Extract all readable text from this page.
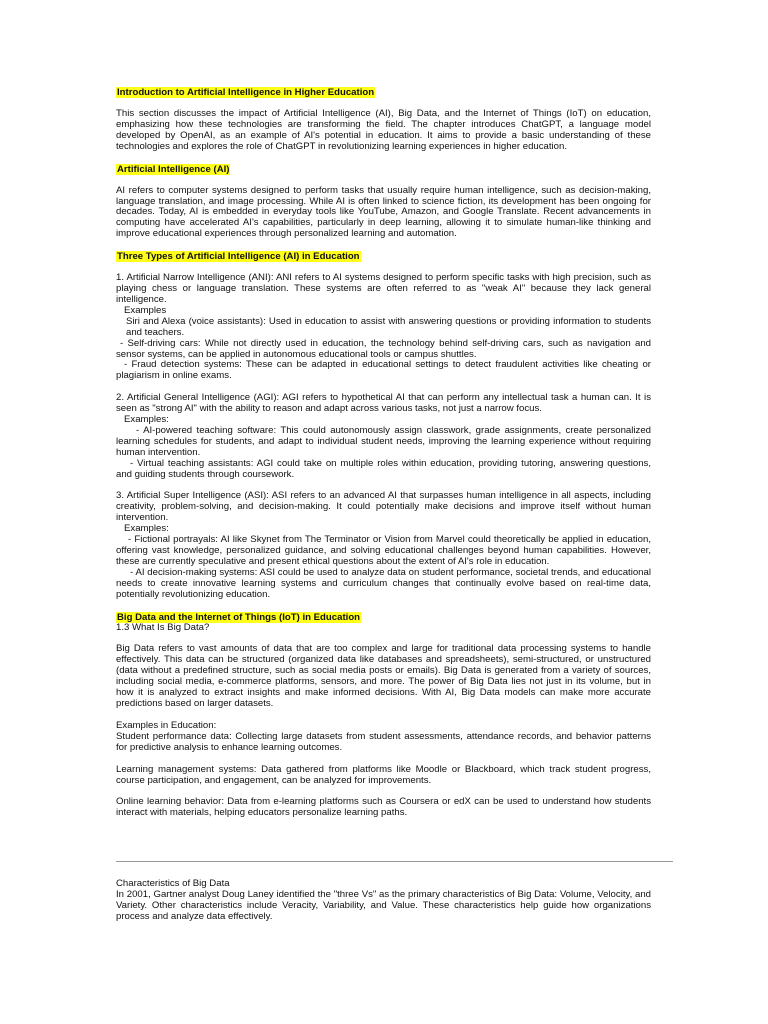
Introduction to Artificial Intelligence in Higher Education

This section discusses the impact of Artificial Intelligence (AI), Big Data, and the Internet of Things (IoT) on education, emphasizing how these technologies are transforming the field. The chapter introduces ChatGPT, a language model developed by OpenAI, as an example of AI's potential in education. It aims to provide a basic understanding of these technologies and explores the role of ChatGPT in revolutionizing learning experiences in higher education.

Artificial Intelligence (AI)

AI refers to computer systems designed to perform tasks that usually require human intelligence, such as decision-making, language translation, and image processing. While AI is often linked to science fiction, its development has been ongoing for decades. Today, AI is embedded in everyday tools like YouTube, Amazon, and Google Translate. Recent advancements in computing have accelerated AI's capabilities, particularly in deep learning, allowing it to simulate human-like thinking and improve educational experiences through personalized learning and automation.

Three Types of Artificial Intelligence (AI) in Education

1. Artificial Narrow Intelligence (ANI): ANI refers to AI systems designed to perform specific tasks with high precision, such as playing chess or language translation. These systems are often referred to as "weak AI" because they lack general intelligence.

Examples

Siri and Alexa (voice assistants): Used in education to assist with answering questions or providing information to students and teachers.

- Self-driving cars: While not directly used in education, the technology behind self-driving cars, such as navigation and sensor systems, can be applied in autonomous educational tools or campus shuttles.

- Fraud detection systems: These can be adapted in educational settings to detect fraudulent activities like cheating or plagiarism in online exams.

2. Artificial General Intelligence (AGI): AGI refers to hypothetical AI that can perform any intellectual task a human can. It is seen as "strong AI" with the ability to reason and adapt across various tasks, not just a narrow focus.

Examples:

- AI-powered teaching software: This could autonomously assign classwork, grade assignments, create personalized learning schedules for students, and adapt to individual student needs, improving the learning experience without requiring human intervention.

- Virtual teaching assistants: AGI could take on multiple roles within education, providing tutoring, answering questions, and guiding students through coursework.

3. Artificial Super Intelligence (ASI): ASI refers to an advanced AI that surpasses human intelligence in all aspects, including creativity, problem-solving, and decision-making. It could potentially make decisions and improve itself without human intervention.

Examples:

- Fictional portrayals: AI like Skynet from The Terminator or Vision from Marvel could theoretically be applied in education, offering vast knowledge, personalized guidance, and solving educational challenges beyond human capabilities. However, these are currently speculative and present ethical questions about the extent of AI's role in education.

- AI decision-making systems: ASI could be used to analyze data on student performance, societal trends, and educational needs to create innovative learning systems and curriculum changes that continually evolve based on real-time data, potentially revolutionizing education.

Big Data and the Internet of Things (IoT) in Education

1.3 What Is Big Data?

Big Data refers to vast amounts of data that are too complex and large for traditional data processing systems to handle effectively. This data can be structured (organized data like databases and spreadsheets), semi-structured, or unstructured (data without a predefined structure, such as social media posts or emails). Big Data is generated from a variety of sources, including social media, e-commerce platforms, sensors, and more. The power of Big Data lies not just in its volume, but in how it is analyzed to extract insights and make informed decisions. With AI, Big Data models can make more accurate predictions based on larger datasets.

Examples in Education:

Student performance data: Collecting large datasets from student assessments, attendance records, and behavior patterns for predictive analysis to enhance learning outcomes.

Learning management systems: Data gathered from platforms like Moodle or Blackboard, which track student progress, course participation, and engagement, can be analyzed for improvements.

Online learning behavior: Data from e-learning platforms such as Coursera or edX can be used to understand how students interact with materials, helping educators personalize learning paths.

Characteristics of Big Data

In 2001, Gartner analyst Doug Laney identified the "three Vs" as the primary characteristics of Big Data: Volume, Velocity, and Variety. Other characteristics include Veracity, Variability, and Value. These characteristics help guide how organizations process and analyze data effectively.
